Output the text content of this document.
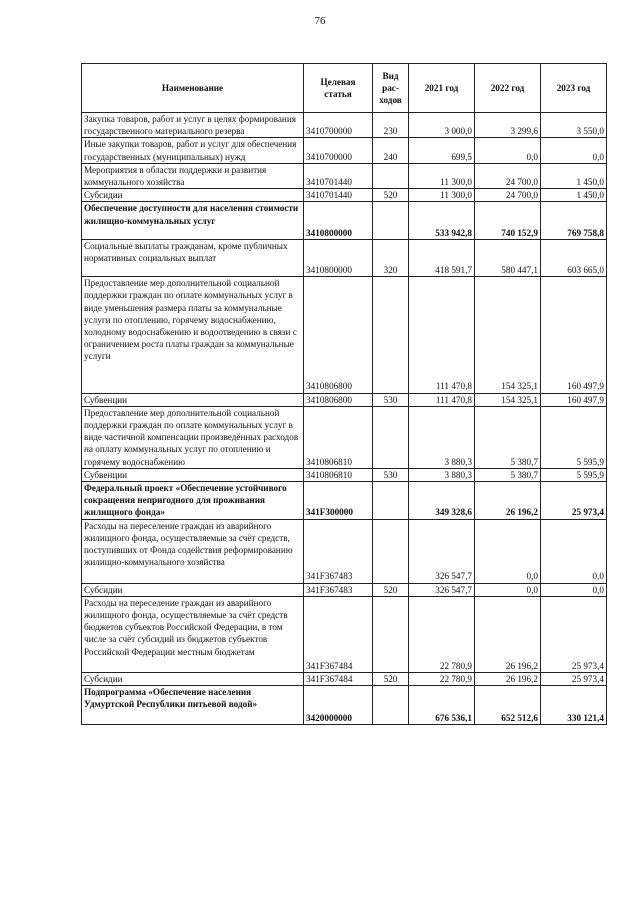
76
Наименование	Целевая статья	Вид рас-ходов	2021 год	2022 год	2023 год
Закупка товаров, работ и услуг в целях формирования государственного материального резерва	3410700000	230	3 000,0	3 299,6	3 550,0
Иные закупки товаров, работ и услуг для обеспечения государственных (муниципальных) нужд	3410700000	240	699,5	0,0	0,0
Мероприятия в области поддержки и развития коммунального хозяйства	3410701440		11 300,0	24 700,0	1 450,0
Субсидии	3410701440	520	11 300,0	24 700,0	1 450,0
Обеспечение доступности для населения стоимости жилищно-коммунальных услуг	3410800000		533 942,8	740 152,9	769 758,8
Социальные выплаты гражданам, кроме публичных нормативных социальных выплат	3410800000	320	418 591,7	580 447,1	603 665,0
Предоставление мер дополнительной социальной поддержки граждан по оплате коммунальных услуг в виде уменьшения размера платы за коммунальные услуги по отоплению, горячему водоснабжению, холодному водоснабжению и водоотведению в связи с ограничением роста платы граждан за коммунальные услуги	3410806800		111 470,8	154 325,1	160 497,9
Субвенции	3410806800	530	111 470,8	154 325,1	160 497,9
Предоставление мер дополнительной социальной поддержки граждан по оплате коммунальных услуг в виде частичной компенсации произведённых расходов на оплату коммунальных услуг по отоплению и горячему водоснабжению	3410806810		3 880,3	5 380,7	5 595,9
Субвенции	3410806810	530	3 880,3	5 380,7	5 595,9
Федеральный проект «Обеспечение устойчивого сокращения непригодного для проживания жилищного фонда»	341F300000		349 328,6	26 196,2	25 973,4
Расходы на переселение граждан из аварийного жилищного фонда, осуществляемые за счёт средств, поступивших от Фонда содействия реформированию жилищно-коммунального хозяйства	341F367483		326 547,7	0,0	0,0
Субсидии	341F367483	520	326 547,7	0,0	0,0
Расходы на переселение граждан из аварийного жилищного фонда, осуществляемые за счёт средств бюджетов субъектов Российской Федерации, в том числе за счёт субсидий из бюджетов субъектов Российской Федерации местным бюджетам	341F367484		22 780,9	26 196,2	25 973,4
Субсидии	341F367484	520	22 780,9	26 196,2	25 973,4
Подпрограмма «Обеспечение населения Удмуртской Республики питьевой водой»	3420000000		676 536,1	652 512,6	330 121,4
